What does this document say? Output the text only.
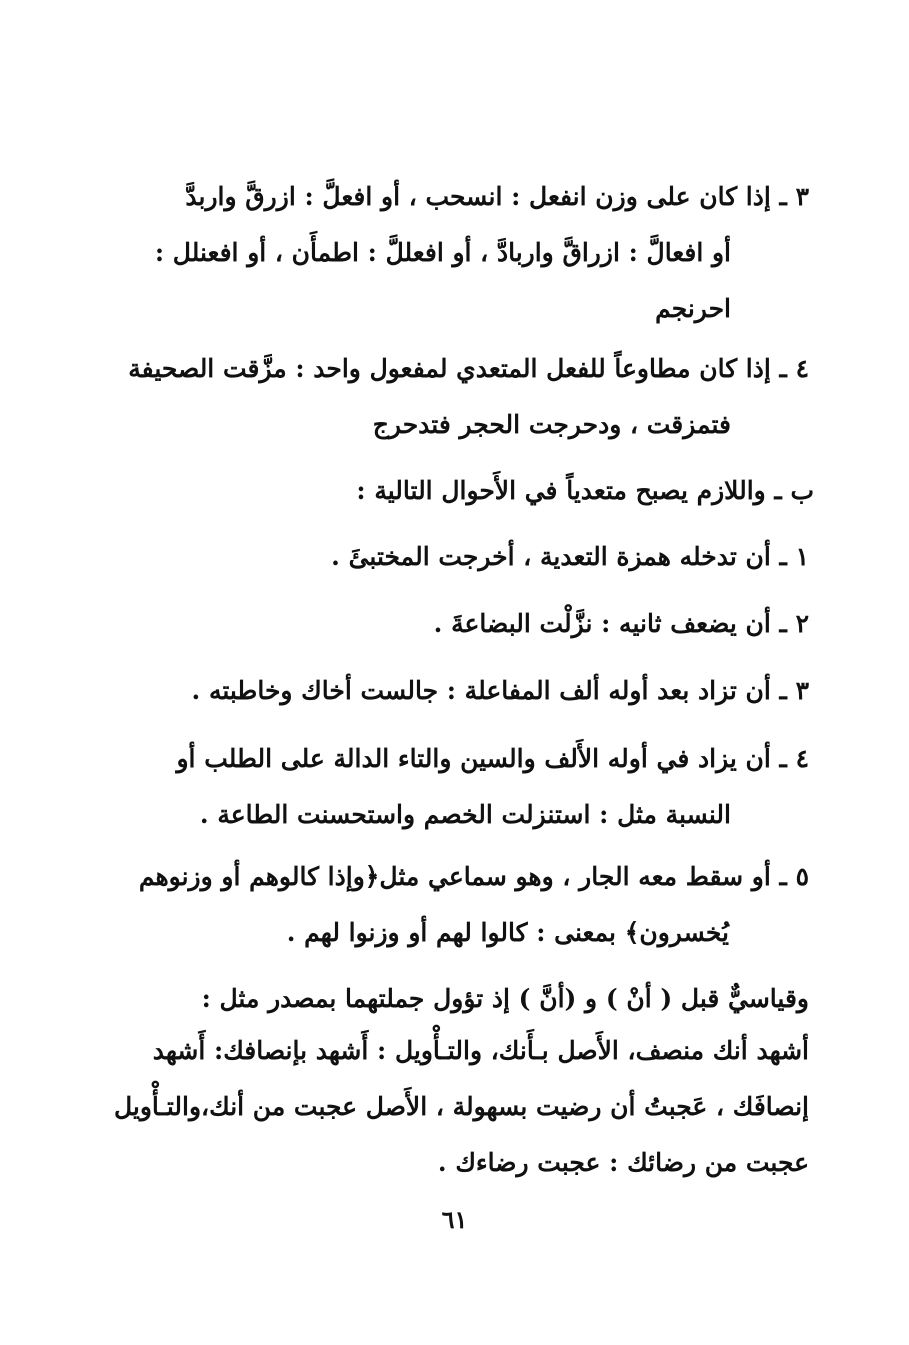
٣ ـ إذا كان على وزن انفعل : انسحب ، أو افعلَّ : ازرقَّ واربدَّ
أو افعالَّ : ازراقَّ واربادَّ ، أو افعللَّ : اطمأَن ، أو افعنلل :
احرنجم
٤ ـ إذا كان مطاوعاً للفعل المتعدي لمفعول واحد : مزَّقت الصحيفة
فتمزقت ، ودحرجت الحجر فتدحرج
ب ـ واللازم يصبح متعدياً في الأَحوال التالية :
١ ـ أن تدخله همزة التعدية ، أخرجت المختبئَ .
٢ ـ أن يضعف ثانيه : نزَّلْت البضاعةَ .
٣ ـ أن تزاد بعد أوله ألف المفاعلة : جالست أخاك وخاطبته .
٤ ـ أن يزاد في أوله الأَلف والسين والتاء الدالة على الطلب أو
النسبة مثل : استنزلت الخصم واستحسنت الطاعة .
٥ ـ أو سقط معه الجار ، وهو سماعي مثل﴿وإذا كالوهم أو وزنوهم
يُخسرون﴾ بمعنى : كالوا لهم أو وزنوا لهم .
وقياسيٌّ قبل ( أنْ ) و (أنَّ ) إذ تؤول جملتهما بمصدر مثل :
أشهد أنك منصف، الأَصل بـأَنك، والتـأْويل : أَشهد بإنصافك: أَشهد
إنصافَك ، عَجبتُ أن رضيت بسهولة ، الأَصل عجبت من أنك،والتـأْويل
عجبت من رضائك : عجبت رضاءك .
٦١
